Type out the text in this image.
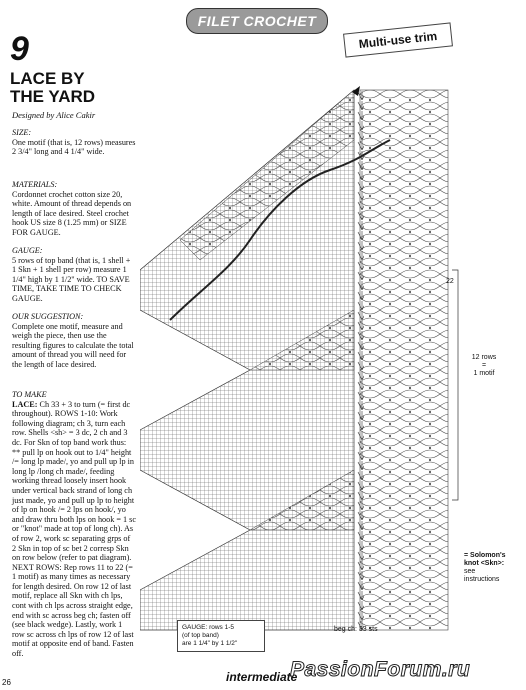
FILET CROCHET
Multi-use trim
9
LACE BY
THE YARD
Designed by Alice Cakir
SIZE:
One motif (that is, 12 rows) measures 2 3/4" long and 4 1/4" wide.
MATERIALS:
Cordonnet crochet cotton size 20, white. Amount of thread depends on length of lace desired. Steel crochet hook US size 8 (1.25 mm) or SIZE FOR GAUGE.
GAUGE:
5 rows of top band (that is, 1 shell + 1 Skn + 1 shell per row) measure 1 1/4" high by 1 1/2" wide. TO SAVE TIME, TAKE TIME TO CHECK GAUGE.
OUR SUGGESTION:
Complete one motif, measure and weigh the piece, then use the resulting figures to calculate the total amount of thread you will need for the length of lace desired.
TO MAKE
LACE: Ch 33 + 3 to turn (= first dc throughout). ROWS 1-10: Work following diagram; ch 3, turn each row. Shells <sh> = 3 dc, 2 ch and 3 dc. For Skn of top band work thus: ** pull lp on hook out to 1/4" height /= long lp made/, yo and pull up lp in long lp /long ch made/, feeding working thread loosely insert hook under vertical back strand of long ch just made, yo and pull up lp to height of lp on hook /= 2 lps on hook/, yo and draw thru both lps on hook = 1 sc or "knot" made at top of long ch). As of row 2, work sc separating grps of 2 Skn in top of sc bet 2 corresp Skn on row below (refer to pat diagram). NEXT ROWS: Rep rows 11 to 22 (= 1 motif) as many times as necessary for length desired. On row 12 of last motif, replace all Skn with ch lps, cont with ch lps across straight edge, end with sc across beg ch; fasten off (see black wedge). Lastly, work 1 row sc across ch lps of row 12 of last motif at opposite end of band. Fasten off.
22
12 rows
=
1 motif
= Solomon's
knot <Skn>:
see
instructions
beg ch: 33 sts
GAUGE: rows 1-5
(of top band)
are 1 1/4" by 1 1/2"
intermediate
PassionForum.ru
26
